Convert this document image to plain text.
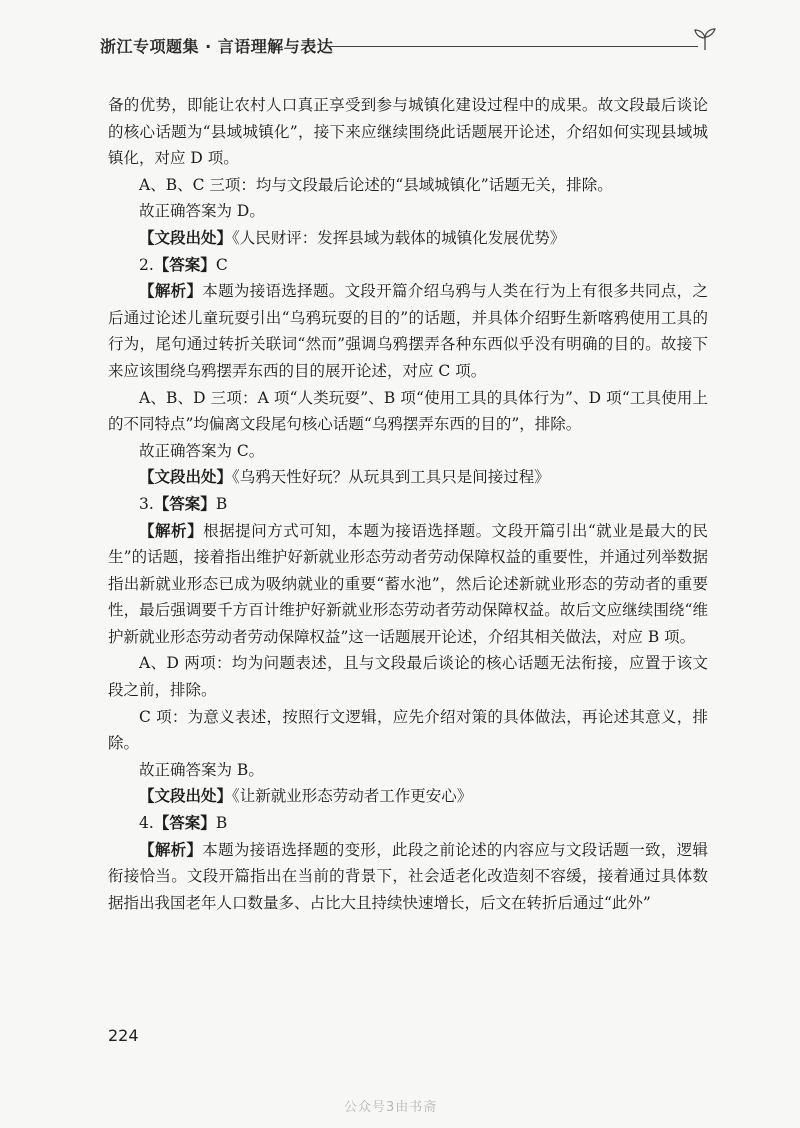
浙江专项题集 · 言语理解与表达

备的优势，即能让农村人口真正享受到参与城镇化建设过程中的成果。故文段最后谈论的核心话题为“县域城镇化”，接下来应继续围绕此话题展开论述，介绍如何实现县域城镇化，对应 D 项。

A、B、C 三项：均与文段最后论述的“县域城镇化”话题无关，排除。

故正确答案为 D。

【文段出处】《人民财评：发挥县域为载体的城镇化发展优势》

2.【答案】C

【解析】本题为接语选择题。文段开篇介绍乌鸦与人类在行为上有很多共同点，之后通过论述儿童玩耍引出“乌鸦玩耍的目的”的话题，并具体介绍野生新喀鸦使用工具的行为，尾句通过转折关联词“然而”强调乌鸦摆弄各种东西似乎没有明确的目的。故接下来应该围绕乌鸦摆弄东西的目的展开论述，对应 C 项。

A、B、D 三项：A 项“人类玩耍”、B 项“使用工具的具体行为”、D 项“工具使用上的不同特点”均偏离文段尾句核心话题“乌鸦摆弄东西的目的”，排除。

故正确答案为 C。

【文段出处】《乌鸦天性好玩？从玩具到工具只是间接过程》

3.【答案】B

【解析】根据提问方式可知，本题为接语选择题。文段开篇引出“就业是最大的民生”的话题，接着指出维护好新就业形态劳动者劳动保障权益的重要性，并通过列举数据指出新就业形态已成为吸纳就业的重要“蓄水池”，然后论述新就业形态的劳动者的重要性，最后强调要千方百计维护好新就业形态劳动者劳动保障权益。故后文应继续围绕“维护新就业形态劳动者劳动保障权益”这一话题展开论述，介绍其相关做法，对应 B 项。

A、D 两项：均为问题表述，且与文段最后谈论的核心话题无法衔接，应置于该文段之前，排除。

C 项：为意义表述，按照行文逻辑，应先介绍对策的具体做法，再论述其意义，排除。

故正确答案为 B。

【文段出处】《让新就业形态劳动者工作更安心》

4.【答案】B

【解析】本题为接语选择题的变形，此段之前论述的内容应与文段话题一致，逻辑衔接恰当。文段开篇指出在当前的背景下，社会适老化改造刻不容缓，接着通过具体数据指出我国老年人口数量多、占比大且持续快速增长，后文在转折后通过“此外”

224
公众号3由书斋
